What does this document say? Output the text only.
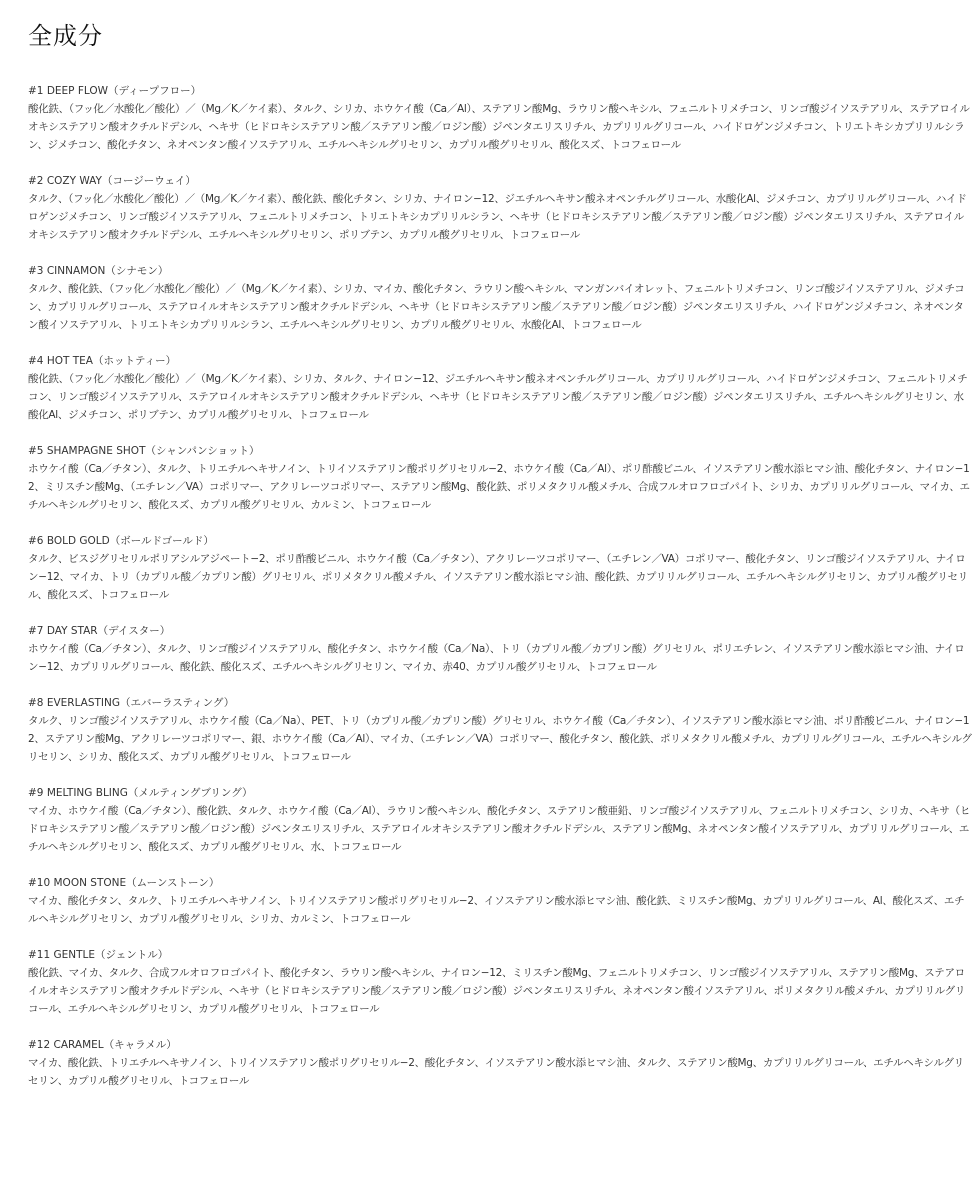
全成分

#1 DEEP FLOW（ディープフロー）

酸化鉄、（フッ化／水酸化／酸化）／（Mg／K／ケイ素）、タルク、シリカ、ホウケイ酸（Ca／Al）、ステアリン酸Mg、ラウリン酸ヘキシル、フェニルトリメチコン、リンゴ酸ジイソステアリル、ステアロイルオキシステアリン酸オクチルドデシル、ヘキサ（ヒドロキシステアリン酸／ステアリン酸／ロジン酸）ジペンタエリスリチル、カプリリルグリコール、ハイドロゲンジメチコン、トリエトキシカプリリルシラン、ジメチコン、酸化チタン、ネオペンタン酸イソステアリル、エチルヘキシルグリセリン、カプリル酸グリセリル、酸化スズ、トコフェロール

#2 COZY WAY（コージーウェイ）

タルク、（フッ化／水酸化／酸化）／（Mg／K／ケイ素）、酸化鉄、酸化チタン、シリカ、ナイロン−12、ジエチルヘキサン酸ネオペンチルグリコール、水酸化Al、ジメチコン、カプリリルグリコール、ハイドロゲンジメチコン、リンゴ酸ジイソステアリル、フェニルトリメチコン、トリエトキシカプリリルシラン、ヘキサ（ヒドロキシステアリン酸／ステアリン酸／ロジン酸）ジペンタエリスリチル、ステアロイルオキシステアリン酸オクチルドデシル、エチルヘキシルグリセリン、ポリブテン、カプリル酸グリセリル、トコフェロール

#3 CINNAMON（シナモン）

タルク、酸化鉄、（フッ化／水酸化／酸化）／（Mg／K／ケイ素）、シリカ、マイカ、酸化チタン、ラウリン酸ヘキシル、マンガンバイオレット、フェニルトリメチコン、リンゴ酸ジイソステアリル、ジメチコン、カプリリルグリコール、ステアロイルオキシステアリン酸オクチルドデシル、ヘキサ（ヒドロキシステアリン酸／ステアリン酸／ロジン酸）ジペンタエリスリチル、ハイドロゲンジメチコン、ネオペンタン酸イソステアリル、トリエトキシカプリリルシラン、エチルヘキシルグリセリン、カプリル酸グリセリル、水酸化Al、トコフェロール

#4 HOT TEA（ホットティー）

酸化鉄、（フッ化／水酸化／酸化）／（Mg／K／ケイ素）、シリカ、タルク、ナイロン−12、ジエチルヘキサン酸ネオペンチルグリコール、カプリリルグリコール、ハイドロゲンジメチコン、フェニルトリメチコン、リンゴ酸ジイソステアリル、ステアロイルオキシステアリン酸オクチルドデシル、ヘキサ（ヒドロキシステアリン酸／ステアリン酸／ロジン酸）ジペンタエリスリチル、エチルヘキシルグリセリン、水酸化Al、ジメチコン、ポリブテン、カプリル酸グリセリル、トコフェロール

#5 SHAMPAGNE SHOT（シャンパンショット）

ホウケイ酸（Ca／チタン）、タルク、トリエチルヘキサノイン、トリイソステアリン酸ポリグリセリル−2、ホウケイ酸（Ca／Al）、ポリ酢酸ビニル、イソステアリン酸水添ヒマシ油、酸化チタン、ナイロン−12、ミリスチン酸Mg、（エチレン／VA）コポリマー、アクリレーツコポリマー、ステアリン酸Mg、酸化鉄、ポリメタクリル酸メチル、合成フルオロフロゴパイト、シリカ、カプリリルグリコール、マイカ、エチルヘキシルグリセリン、酸化スズ、カプリル酸グリセリル、カルミン、トコフェロール

#6 BOLD GOLD（ボールドゴールド）

タルク、ビスジグリセリルポリアシルアジペート−2、ポリ酢酸ビニル、ホウケイ酸（Ca／チタン）、アクリレーツコポリマー、（エチレン／VA）コポリマー、酸化チタン、リンゴ酸ジイソステアリル、ナイロン−12、マイカ、トリ（カプリル酸／カプリン酸）グリセリル、ポリメタクリル酸メチル、イソステアリン酸水添ヒマシ油、酸化鉄、カプリリルグリコール、エチルヘキシルグリセリン、カプリル酸グリセリル、酸化スズ、トコフェロール

#7 DAY STAR（デイスター）

ホウケイ酸（Ca／チタン）、タルク、リンゴ酸ジイソステアリル、酸化チタン、ホウケイ酸（Ca／Na）、トリ（カプリル酸／カプリン酸）グリセリル、ポリエチレン、イソステアリン酸水添ヒマシ油、ナイロン−12、カプリリルグリコール、酸化鉄、酸化スズ、エチルヘキシルグリセリン、マイカ、赤40、カプリル酸グリセリル、トコフェロール

#8 EVERLASTING（エバーラスティング）

タルク、リンゴ酸ジイソステアリル、ホウケイ酸（Ca／Na）、PET、トリ（カプリル酸／カプリン酸）グリセリル、ホウケイ酸（Ca／チタン）、イソステアリン酸水添ヒマシ油、ポリ酢酸ビニル、ナイロン−12、ステアリン酸Mg、アクリレーツコポリマー、銀、ホウケイ酸（Ca／Al）、マイカ、（エチレン／VA）コポリマー、酸化チタン、酸化鉄、ポリメタクリル酸メチル、カプリリルグリコール、エチルヘキシルグリセリン、シリカ、酸化スズ、カプリル酸グリセリル、トコフェロール

#9 MELTING BLING（メルティングブリング）

マイカ、ホウケイ酸（Ca／チタン）、酸化鉄、タルク、ホウケイ酸（Ca／Al）、ラウリン酸ヘキシル、酸化チタン、ステアリン酸亜鉛、リンゴ酸ジイソステアリル、フェニルトリメチコン、シリカ、ヘキサ（ヒドロキシステアリン酸／ステアリン酸／ロジン酸）ジペンタエリスリチル、ステアロイルオキシステアリン酸オクチルドデシル、ステアリン酸Mg、ネオペンタン酸イソステアリル、カプリリルグリコール、エチルヘキシルグリセリン、酸化スズ、カプリル酸グリセリル、水、トコフェロール

#10 MOON STONE（ムーンストーン）

マイカ、酸化チタン、タルク、トリエチルヘキサノイン、トリイソステアリン酸ポリグリセリル−2、イソステアリン酸水添ヒマシ油、酸化鉄、ミリスチン酸Mg、カプリリルグリコール、Al、酸化スズ、エチルヘキシルグリセリン、カプリル酸グリセリル、シリカ、カルミン、トコフェロール

#11 GENTLE（ジェントル）

酸化鉄、マイカ、タルク、合成フルオロフロゴパイト、酸化チタン、ラウリン酸ヘキシル、ナイロン−12、ミリスチン酸Mg、フェニルトリメチコン、リンゴ酸ジイソステアリル、ステアリン酸Mg、ステアロイルオキシステアリン酸オクチルドデシル、ヘキサ（ヒドロキシステアリン酸／ステアリン酸／ロジン酸）ジペンタエリスリチル、ネオペンタン酸イソステアリル、ポリメタクリル酸メチル、カプリリルグリコール、エチルヘキシルグリセリン、カプリル酸グリセリル、トコフェロール

#12 CARAMEL（キャラメル）

マイカ、酸化鉄、トリエチルヘキサノイン、トリイソステアリン酸ポリグリセリル−2、酸化チタン、イソステアリン酸水添ヒマシ油、タルク、ステアリン酸Mg、カプリリルグリコール、エチルヘキシルグリセリン、カプリル酸グリセリル、トコフェロール
